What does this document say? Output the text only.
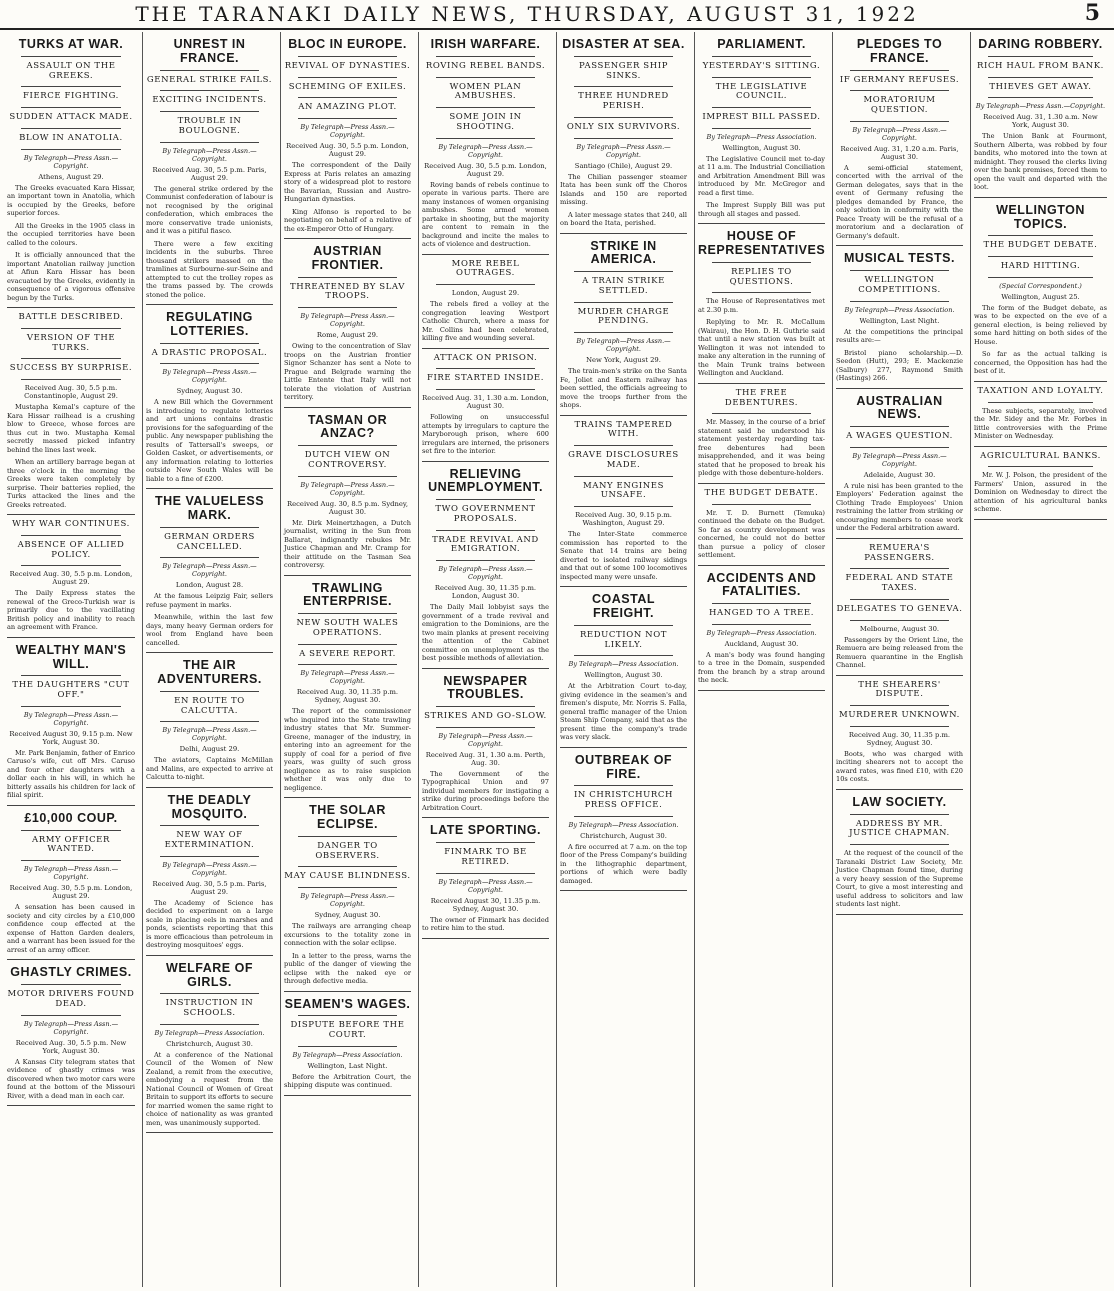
THE TARANAKI DAILY NEWS, THURSDAY, AUGUST 31, 1922	5
TURKS AT WAR.
ASSAULT ON THE GREEKS.
FIERCE FIGHTING.
SUDDEN ATTACK MADE.
BLOW IN ANATOLIA.
By Telegraph—Press Assn.—Copyright.
Athens, August 29.

The Greeks evacuated Kara Hissar, an important town in Anatolia, which is occupied by the Greeks, before superior forces.

All the Greeks in the 1905 class in the occupied territories have been called to the colours.

It is officially announced that the important Anatolian railway junction at Afiun Kara Hissar has been evacuated by the Greeks, evidently in consequence of a vigorous offensive begun by the Turks.

BATTLE DESCRIBED.
VERSION OF THE TURKS.
SUCCESS BY SURPRISE.
Received Aug. 30, 5.5 p.m. Constantinople, August 29.

Mustapha Kemal's capture of the Kara Hissar railhead is a crushing blow to Greece, whose forces are thus cut in two. Mustapha Kemal secretly massed picked infantry behind the lines last week.

When an artillery barrage began at three o'clock in the morning the Greeks were taken completely by surprise. Their batteries replied, the Turks attacked the lines and the Greeks retreated.

WHY WAR CONTINUES.
ABSENCE OF ALLIED POLICY.
Received Aug. 30, 5.5 p.m. London, August 29.

The Daily Express states the renewal of the Greco-Turkish war is primarily due to the vacillating British policy and inability to reach an agreement with France.

WEALTHY MAN'S WILL.
THE DAUGHTERS "CUT OFF."
By Telegraph—Press Assn.—Copyright.
Received August 30, 9.15 p.m. New York, August 30.

Mr. Park Benjamin, father of Enrico Caruso's wife, cut off Mrs. Caruso and four other daughters with a dollar each in his will, in which he bitterly assails his children for lack of filial spirit.

£10,000 COUP.
ARMY OFFICER WANTED.
By Telegraph—Press Assn.—Copyright.
Received Aug. 30, 5.5 p.m. London, August 29.

A sensation has been caused in society and city circles by a £10,000 confidence coup effected at the expense of Hatton Garden dealers, and a warrant has been issued for the arrest of an army officer.

GHASTLY CRIMES.
MOTOR DRIVERS FOUND DEAD.
By Telegraph—Press Assn.—Copyright.
Received Aug. 30, 5.5 p.m. New York, August 30.

A Kansas City telegram states that evidence of ghastly crimes was discovered when two motor cars were found at the bottom of the Missouri River, with a dead man in each car.

UNREST IN FRANCE.
GENERAL STRIKE FAILS.
EXCITING INCIDENTS.
TROUBLE IN BOULOGNE.
By Telegraph—Press Assn.—Copyright.
Received Aug. 30, 5.5 p.m. Paris, August 29.

The general strike ordered by the Communist confederation of labour is not recognised by the original confederation, which embraces the more conservative trade unionists, and it was a pitiful fiasco.

There were a few exciting incidents in the suburbs. Three thousand strikers massed on the tramlines at Surbourne-sur-Seine and attempted to cut the trolley ropes as the trams passed by. The crowds stoned the police.

REGULATING LOTTERIES.
A DRASTIC PROPOSAL.
By Telegraph—Press Assn.—Copyright.
Sydney, August 30.

A new Bill which the Government is introducing to regulate lotteries and art unions contains drastic provisions for the safeguarding of the public. Any newspaper publishing the results of Tattersall's sweeps, or Golden Casket, or advertisements, or any information relating to lotteries outside New South Wales will be liable to a fine of £200.

THE VALUELESS MARK.
GERMAN ORDERS CANCELLED.
By Telegraph—Press Assn.—Copyright.
London, August 28.

At the famous Leipzig Fair, sellers refuse payment in marks.

Meanwhile, within the last few days, many heavy German orders for wool from England have been cancelled.

THE AIR ADVENTURERS.
EN ROUTE TO CALCUTTA.
By Telegraph—Press Assn.—Copyright.
Delhi, August 29.

The aviators, Captains McMillan and Malins, are expected to arrive at Calcutta to-night.

THE DEADLY MOSQUITO.
NEW WAY OF EXTERMINATION.
By Telegraph—Press Assn.—Copyright.
Received Aug. 30, 5.5 p.m. Paris, August 29.

The Academy of Science has decided to experiment on a large scale in placing eels in marshes and ponds, scientists reporting that this is more efficacious than petroleum in destroying mosquitoes' eggs.

WELFARE OF GIRLS.
INSTRUCTION IN SCHOOLS.
By Telegraph—Press Association.
Christchurch, August 30.

At a conference of the National Council of the Women of New Zealand, a remit from the executive, embodying a request from the National Council of Women of Great Britain to support its efforts to secure for married women the same right to choice of nationality as was granted men, was unanimously supported.

BLOC IN EUROPE.
REVIVAL OF DYNASTIES.
SCHEMING OF EXILES.
AN AMAZING PLOT.
By Telegraph—Press Assn.—Copyright.
Received Aug. 30, 5.5 p.m. London, August 29.

The correspondent of the Daily Express at Paris relates an amazing story of a widespread plot to restore the Bavarian, Russian and Austro-Hungarian dynasties.

King Alfonso is reported to be negotiating on behalf of a relative of the ex-Emperor Otto of Hungary.

AUSTRIAN FRONTIER.
THREATENED BY SLAV TROOPS.
By Telegraph—Press Assn.—Copyright.
Rome, August 29.

Owing to the concentration of Slav troops on the Austrian frontier Signor Schanzer has sent a Note to Prague and Belgrade warning the Little Entente that Italy will not tolerate the violation of Austrian territory.

TASMAN OR ANZAC?
DUTCH VIEW ON CONTROVERSY.
By Telegraph—Press Assn.—Copyright.
Received Aug. 30, 8.5 p.m. Sydney, August 30.

Mr. Dirk Meinertzhagen, a Dutch journalist, writing in the Sun from Ballarat, indignantly rebukes Mr. Justice Chapman and Mr. Cramp for their attitude on the Tasman Sea controversy.

TRAWLING ENTERPRISE.
NEW SOUTH WALES OPERATIONS.
A SEVERE REPORT.
By Telegraph—Press Assn.—Copyright.
Received Aug. 30, 11.35 p.m. Sydney, August 30.

The report of the commissioner who inquired into the State trawling industry states that Mr. Summer-Greene, manager of the industry, in entering into an agreement for the supply of coal for a period of five years, was guilty of such gross negligence as to raise suspicion whether it was only due to negligence.

THE SOLAR ECLIPSE.
DANGER TO OBSERVERS.
MAY CAUSE BLINDNESS.
By Telegraph—Press Assn.—Copyright.
Sydney, August 30.

The railways are arranging cheap excursions to the totality zone in connection with the solar eclipse.

In a letter to the press, warns the public of the danger of viewing the eclipse with the naked eye or through defective media.

SEAMEN'S WAGES.
DISPUTE BEFORE THE COURT.
By Telegraph—Press Association.
Wellington, Last Night.

Before the Arbitration Court, the shipping dispute was continued.

IRISH WARFARE.
ROVING REBEL BANDS.
WOMEN PLAN AMBUSHES.
SOME JOIN IN SHOOTING.
By Telegraph—Press Assn.—Copyright.
Received Aug. 30, 5.5 p.m. London, August 29.

Roving bands of rebels continue to operate in various parts. There are many instances of women organising ambushes. Some armed women partake in shooting, but the majority are content to remain in the background and incite the males to acts of violence and destruction.

MORE REBEL OUTRAGES.
London, August 29.

The rebels fired a volley at the congregation leaving Westport Catholic Church, where a mass for Mr. Collins had been celebrated, killing five and wounding several.

ATTACK ON PRISON.
FIRE STARTED INSIDE.
Received Aug. 31, 1.30 a.m. London, August 30.

Following on unsuccessful attempts by irregulars to capture the Maryborough prison, where 600 irregulars are interned, the prisoners set fire to the interior.

RELIEVING UNEMPLOYMENT.
TWO GOVERNMENT PROPOSALS.
TRADE REVIVAL AND EMIGRATION.
By Telegraph—Press Assn.—Copyright.
Received Aug. 30, 11.35 p.m. London, August 30.

The Daily Mail lobbyist says the government of a trade revival and emigration to the Dominions, are the two main planks at present receiving the attention of the Cabinet committee on unemployment as the best possible methods of alleviation.

NEWSPAPER TROUBLES.
STRIKES AND GO-SLOW.
By Telegraph—Press Assn.—Copyright.
Received Aug. 31, 1.30 a.m. Perth, Aug. 30.

The Government of the Typographical Union and 97 individual members for instigating a strike during proceedings before the Arbitration Court.

LATE SPORTING.
FINMARK TO BE RETIRED.
By Telegraph—Press Assn.—Copyright.
Received August 30, 11.35 p.m. Sydney, August 30.

The owner of Finmark has decided to retire him to the stud.

DISASTER AT SEA.
PASSENGER SHIP SINKS.
THREE HUNDRED PERISH.
ONLY SIX SURVIVORS.
By Telegraph—Press Assn.—Copyright.
Santiago (Chile), August 29.

The Chilian passenger steamer Itata has been sunk off the Choros Islands and 150 are reported missing.

A later message states that 240, all on board the Itata, perished.

STRIKE IN AMERICA.
A TRAIN STRIKE SETTLED.
MURDER CHARGE PENDING.
By Telegraph—Press Assn.—Copyright.
New York, August 29.

The train-men's strike on the Santa Fe, Joliet and Eastern railway has been settled, the officials agreeing to move the troops further from the shops.

TRAINS TAMPERED WITH.
GRAVE DISCLOSURES MADE.
MANY ENGINES UNSAFE.
Received Aug. 30, 9.15 p.m. Washington, August 29.

The Inter-State commerce commission has reported to the Senate that 14 trains are being diverted to isolated railway sidings and that out of some 100 locomotives inspected many were unsafe.

COASTAL FREIGHT.
REDUCTION NOT LIKELY.
By Telegraph—Press Association.
Wellington, August 30.

At the Arbitration Court to-day, giving evidence in the seamen's and firemen's dispute, Mr. Norris S. Falla, general traffic manager of the Union Steam Ship Company, said that as the present time the company's trade was very slack.

OUTBREAK OF FIRE.
IN CHRISTCHURCH PRESS OFFICE.
By Telegraph—Press Association.
Christchurch, August 30.

A fire occurred at 7 a.m. on the top floor of the Press Company's building in the lithographic department, portions of which were badly damaged.

PARLIAMENT.
YESTERDAY'S SITTING.
THE LEGISLATIVE COUNCIL.
IMPREST BILL PASSED.
By Telegraph—Press Association.
Wellington, August 30.

The Legislative Council met to-day at 11 a.m. The Industrial Conciliation and Arbitration Amendment Bill was introduced by Mr. McGregor and read a first time.

The Imprest Supply Bill was put through all stages and passed.

HOUSE OF REPRESENTATIVES
REPLIES TO QUESTIONS.

The House of Representatives met at 2.30 p.m.

Replying to Mr. R. McCallum (Wairau), the Hon. D. H. Guthrie said that until a new station was built at Wellington it was not intended to make any alteration in the running of the Main Trunk trains between Wellington and Auckland.

THE FREE DEBENTURES.

Mr. Massey, in the course of a brief statement said he understood his statement yesterday regarding tax-free debentures had been misapprehended, and it was being stated that he proposed to break his pledge with those debenture-holders.

THE BUDGET DEBATE.

Mr. T. D. Burnett (Temuka) continued the debate on the Budget. So far as country development was concerned, he could not do better than pursue a policy of closer settlement.

ACCIDENTS AND FATALITIES.
HANGED TO A TREE.
By Telegraph—Press Association.
Auckland, August 30.

A man's body was found hanging to a tree in the Domain, suspended from the branch by a strap around the neck.

PLEDGES TO FRANCE.
IF GERMANY REFUSES.
MORATORIUM QUESTION.
By Telegraph—Press Assn.—Copyright.
Received Aug. 31, 1.20 a.m. Paris, August 30.

A semi-official statement, concerted with the arrival of the German delegates, says that in the event of Germany refusing the pledges demanded by France, the only solution in conformity with the Peace Treaty will be the refusal of a moratorium and a declaration of Germany's default.

MUSICAL TESTS.
WELLINGTON COMPETITIONS.
By Telegraph—Press Association.
Wellington, Last Night.

At the competitions the principal results are:—

Bristol piano scholarship.—D. Seedon (Hutt), 293; E. Mackenzie (Salbury) 277, Raymond Smith (Hastings) 266.

AUSTRALIAN NEWS.
A WAGES QUESTION.
By Telegraph—Press Assn.—Copyright.
Adelaide, August 30.

A rule nisi has been granted to the Employers' Federation against the Clothing Trade Employees' Union restraining the latter from striking or encouraging members to cease work under the Federal arbitration award.

REMUERA'S PASSENGERS.
FEDERAL AND STATE TAXES.
DELEGATES TO GENEVA.
Melbourne, August 30.

Passengers by the Orient Line, the Remuera are being released from the Remuera quarantine in the English Channel.

THE SHEARERS' DISPUTE.
MURDERER UNKNOWN.
Received Aug. 30, 11.35 p.m. Sydney, August 30.

Boots, who was charged with inciting shearers not to accept the award rates, was fined £10, with £20 10s costs.

LAW SOCIETY.
ADDRESS BY MR. JUSTICE CHAPMAN.

At the request of the council of the Taranaki District Law Society, Mr. Justice Chapman found time, during a very heavy session of the Supreme Court, to give a most interesting and useful address to solicitors and law students last night.

DARING ROBBERY.
RICH HAUL FROM BANK.
THIEVES GET AWAY.
By Telegraph—Press Assn.—Copyright.
Received Aug. 31, 1.30 a.m. New York, August 30.

The Union Bank at Fourmont, Southern Alberta, was robbed by four bandits, who motored into the town at midnight. They roused the clerks living over the bank premises, forced them to open the vault and departed with the loot.

WELLINGTON TOPICS.
THE BUDGET DEBATE.
HARD HITTING.
(Special Correspondent.)
Wellington, August 25.

The form of the Budget debate, as was to be expected on the eve of a general election, is being relieved by some hard hitting on both sides of the House.

So far as the actual talking is concerned, the Opposition has had the best of it.

TAXATION AND LOYALTY.

These subjects, separately, involved the Mr. Sidey and the Mr. Forbes in little controversies with the Prime Minister on Wednesday.

AGRICULTURAL BANKS.

Mr. W. J. Polson, the president of the Farmers' Union, assured in the Dominion on Wednesday to direct the attention of his agricultural banks scheme.
